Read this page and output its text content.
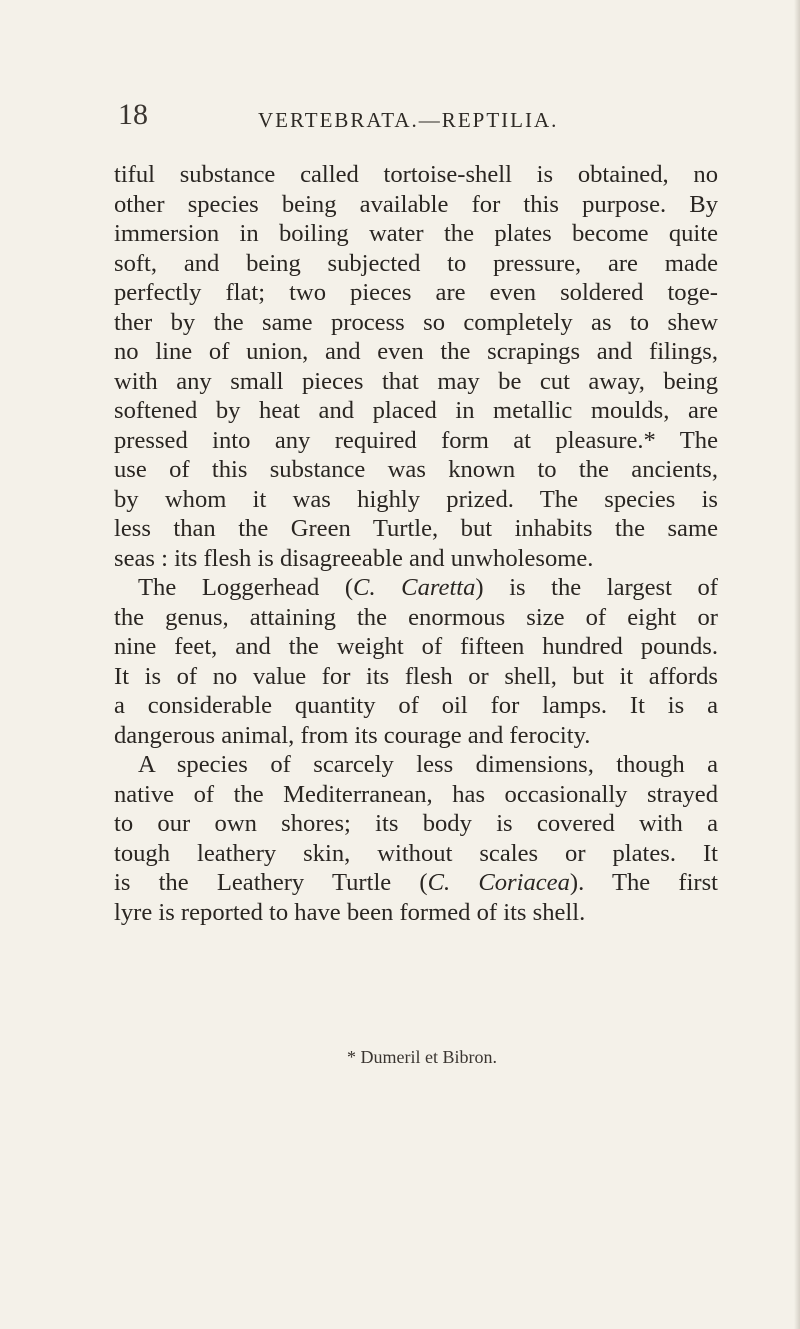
18	VERTEBRATA.—REPTILIA.
tiful substance called tortoise-shell is obtained, no
other species being available for this purpose. By
immersion in boiling water the plates become quite
soft, and being subjected to pressure, are made
perfectly flat; two pieces are even soldered toge-
ther by the same process so completely as to shew
no line of union, and even the scrapings and filings,
with any small pieces that may be cut away, being
softened by heat and placed in metallic moulds, are
pressed into any required form at pleasure.* The
use of this substance was known to the ancients,
by whom it was highly prized. The species is
less than the Green Turtle, but inhabits the same
seas : its flesh is disagreeable and unwholesome.
The Loggerhead (C. Caretta) is the largest of
the genus, attaining the enormous size of eight or
nine feet, and the weight of fifteen hundred pounds.
It is of no value for its flesh or shell, but it affords
a considerable quantity of oil for lamps. It is a
dangerous animal, from its courage and ferocity.
A species of scarcely less dimensions, though a
native of the Mediterranean, has occasionally strayed
to our own shores; its body is covered with a
tough leathery skin, without scales or plates. It
is the Leathery Turtle (C. Coriacea). The first
lyre is reported to have been formed of its shell.
* Dumeril et Bibron.
